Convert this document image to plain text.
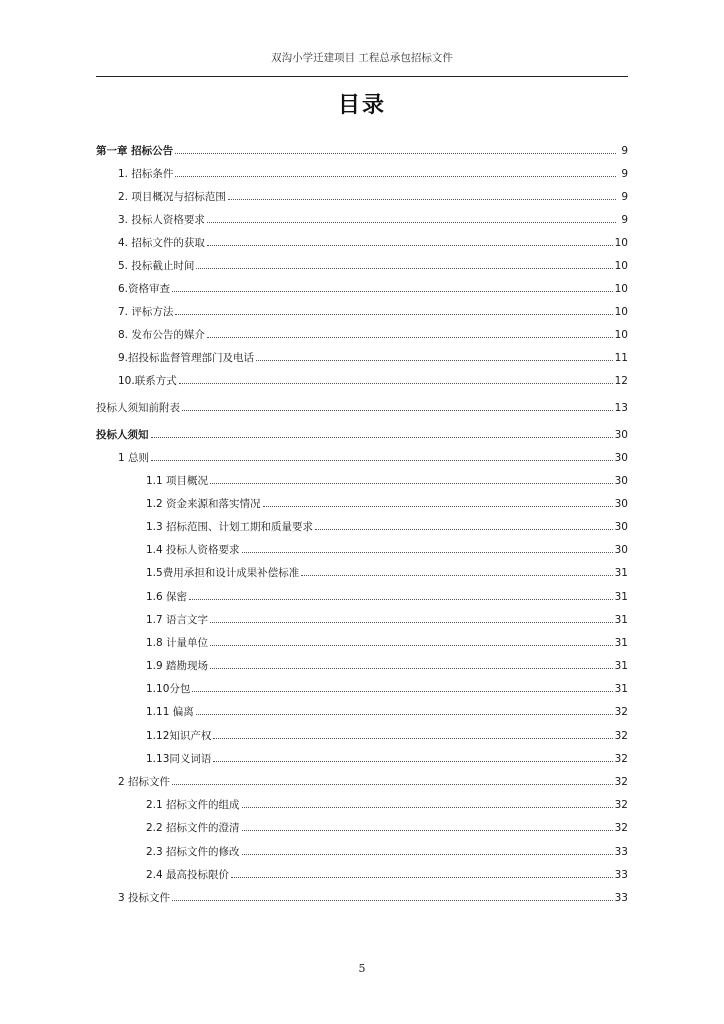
双沟小学迁建项目 工程总承包招标文件
目录
第一章 招标公告	9
1. 招标条件	9
2. 项目概况与招标范围	9
3. 投标人资格要求	9
4. 招标文件的获取	10
5. 投标截止时间	10
6.资格审查	10
7. 评标方法	10
8. 发布公告的媒介	10
9.招投标监督管理部门及电话	11
10.联系方式	12
投标人须知前附表	13
投标人须知	30
1 总则	30
1.1 项目概况	30
1.2 资金来源和落实情况	30
1.3 招标范围、计划工期和质量要求	30
1.4 投标人资格要求	30
1.5费用承担和设计成果补偿标准	31
1.6 保密	31
1.7 语言文字	31
1.8 计量单位	31
1.9 踏勘现场	31
1.10分包	31
1.11 偏离	32
1.12知识产权	32
1.13同义词语	32
2 招标文件	32
2.1 招标文件的组成	32
2.2 招标文件的澄清	32
2.3 招标文件的修改	33
2.4 最高投标限价	33
3 投标文件	33
5
